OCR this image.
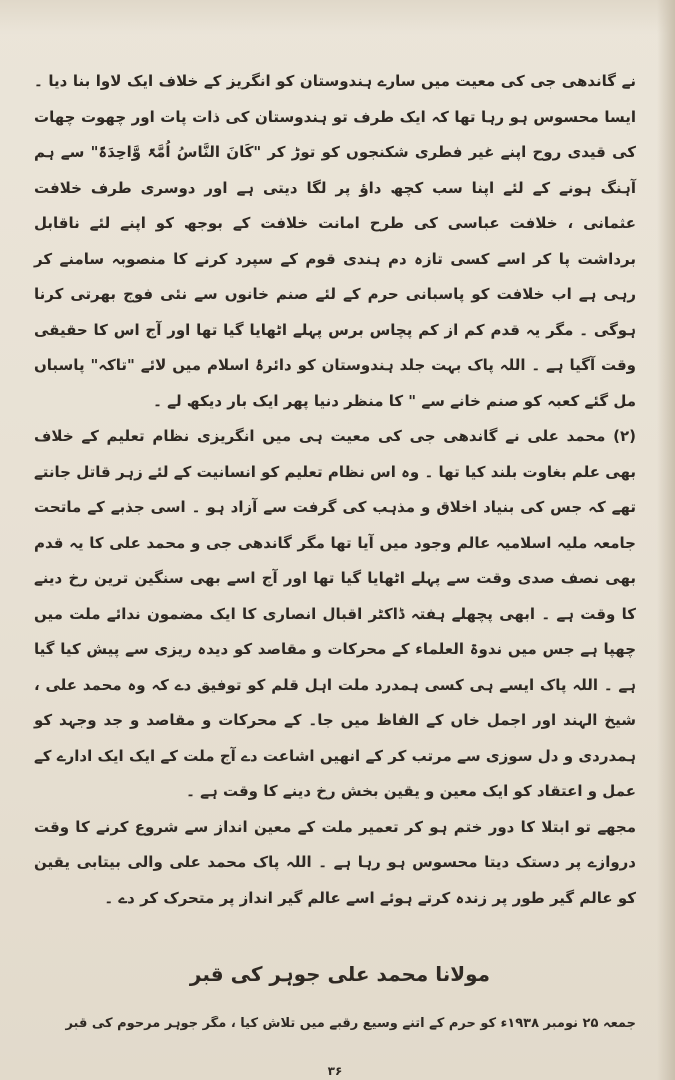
نے گاندھی جی کی معیت میں سارے ہندوستان کو انگریز کے خلاف ایک لاوا بنا دیا ۔ ایسا محسوس ہو رہا تھا کہ ایک طرف تو ہندوستان کی ذات پات اور چھوت چھات کی قیدی روح اپنے غیر فطری شکنجوں کو توڑ کر "کَانَ النَّاسُ اُمَّۃً وَّاحِدَۃً" سے ہم آہنگ ہونے کے لئے اپنا سب کچھ داؤ پر لگا دیتی ہے اور دوسری طرف خلافت عثمانی ، خلافت عباسی کی طرح امانت خلافت کے بوجھ کو اپنے لئے ناقابل برداشت پا کر اسے کسی تازہ دم ہندی قوم کے سپرد کرنے کا منصوبہ سامنے کر رہی ہے اب خلافت کو پاسبانی حرم کے لئے صنم خانوں سے نئی فوج بھرتی کرنا ہوگی ۔ مگر یہ قدم کم از کم پچاس برس پہلے اٹھایا گیا تھا اور آج اس کا حقیقی وقت آگیا ہے ۔ اللہ پاک بہت جلد ہندوستان کو دائرۂ اسلام میں لائے "تاکہ" پاسباں مل گئے کعبہ کو صنم خانے سے " کا منظر دنیا پھر ایک بار دیکھ لے ۔

(۲) محمد علی نے گاندھی جی کی معیت ہی میں انگریزی نظام تعلیم کے خلاف بھی علم بغاوت بلند کیا تھا ۔ وہ اس نظام تعلیم کو انسانیت کے لئے زہر قاتل جانتے تھے کہ جس کی بنیاد اخلاق و مذہب کی گرفت سے آزاد ہو ۔ اسی جذبے کے ماتحت جامعہ ملیہ اسلامیہ عالم وجود میں آیا تھا مگر گاندھی جی و محمد علی کا یہ قدم بھی نصف صدی وقت سے پہلے اٹھایا گیا تھا اور آج اسے بھی سنگین ترین رخ دینے کا وقت ہے ۔ ابھی پچھلے ہفتہ ڈاکٹر اقبال انصاری کا ایک مضمون ندائے ملت میں چھپا ہے جس میں ندوۃ العلماء کے محرکات و مقاصد کو دیدہ ریزی سے پیش کیا گیا ہے ۔ اللہ پاک ایسے ہی کسی ہمدرد ملت اہل قلم کو توفیق دے کہ وہ محمد علی ، شیخ الہند اور اجمل خاں کے الفاظ میں جا۔ کے محرکات و مقاصد و جد وجہد کو ہمدردی و دل سوزی سے مرتب کر کے انھیں اشاعت دے آج ملت کے ایک ایک ادارے کے عمل و اعتقاد کو ایک معین و یقین بخش رخ دینے کا وقت ہے ۔

مجھے تو ابتلا کا دور ختم ہو کر تعمیر ملت کے معین انداز سے شروع کرنے کا وقت دروازے پر دستک دیتا محسوس ہو رہا ہے ۔ اللہ پاک محمد علی والی بیتابی یقین کو عالم گیر طور پر زندہ کرتے ہوئے اسے عالم گیر انداز پر متحرک کر دے ۔

مولانا محمد علی جوہر کی قبر
جمعہ ۲۵ نومبر ۱۹۳۸ء کو حرم کے اتنے وسیع رقبے میں تلاش کیا ، مگر جوہر مرحوم کی قبر
۳۶
